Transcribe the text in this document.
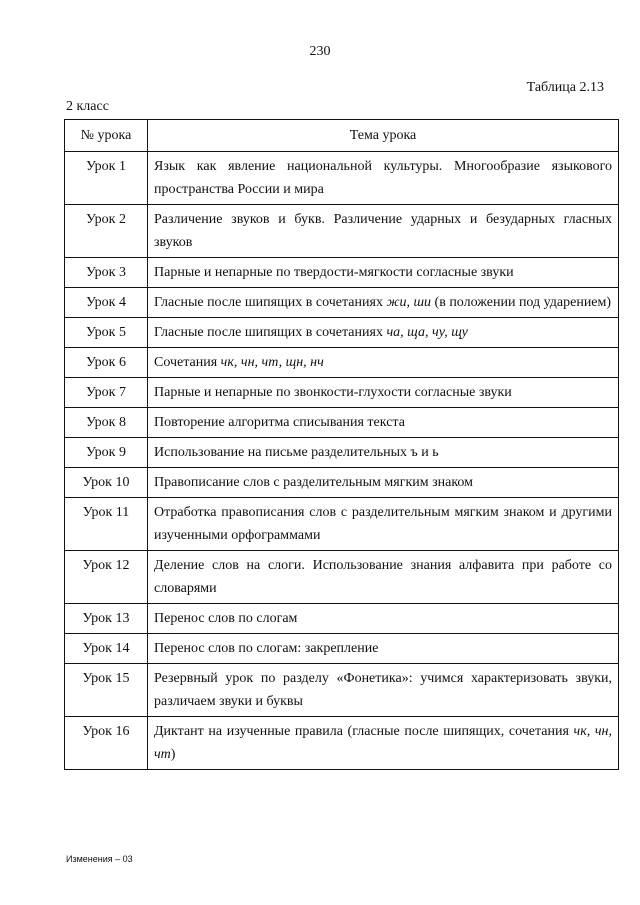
230
Таблица 2.13
2 класс
№ урока	Тема урока
Урок 1	Язык как явление национальной культуры. Многообразие языкового пространства России и мира
Урок 2	Различение звуков и букв. Различение ударных и безударных гласных звуков
Урок 3	Парные и непарные по твердости-мягкости согласные звуки
Урок 4	Гласные после шипящих в сочетаниях жи, ши (в положении под ударением)
Урок 5	Гласные после шипящих в сочетаниях ча, ща, чу, щу
Урок 6	Сочетания чк, чн, чт, щн, нч
Урок 7	Парные и непарные по звонкости-глухости согласные звуки
Урок 8	Повторение алгоритма списывания текста
Урок 9	Использование на письме разделительных ъ и ь
Урок 10	Правописание слов с разделительным мягким знаком
Урок 11	Отработка правописания слов с разделительным мягким знаком и другими изученными орфограммами
Урок 12	Деление слов на слоги. Использование знания алфавита при работе со словарями
Урок 13	Перенос слов по слогам
Урок 14	Перенос слов по слогам: закрепление
Урок 15	Резервный урок по разделу «Фонетика»: учимся характеризовать звуки, различаем звуки и буквы
Урок 16	Диктант на изученные правила (гласные после шипящих, сочетания чк, чн, чт)
Изменения – 03
